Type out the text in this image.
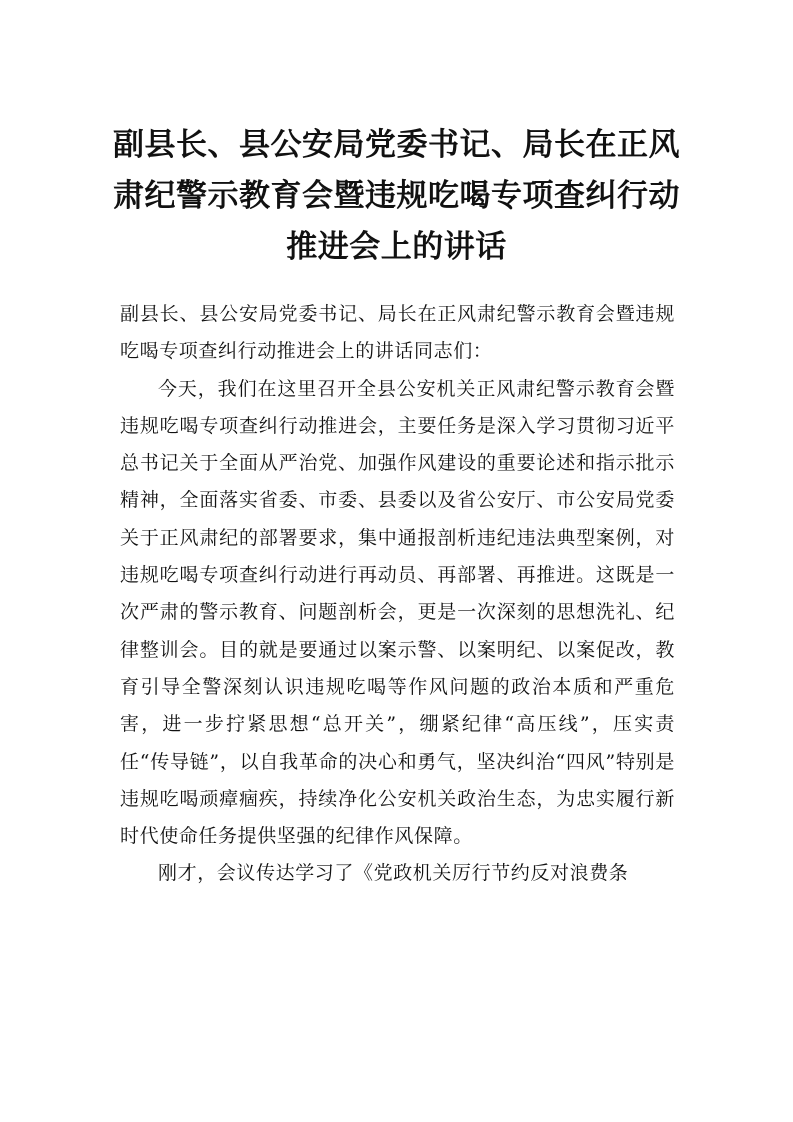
副县长、县公安局党委书记、局长在正风肃纪警示教育会暨违规吃喝专项查纠行动推进会上的讲话

副县长、县公安局党委书记、局长在正风肃纪警示教育会暨违规吃喝专项查纠行动推进会上的讲话同志们：

今天，我们在这里召开全县公安机关正风肃纪警示教育会暨违规吃喝专项查纠行动推进会，主要任务是深入学习贯彻习近平总书记关于全面从严治党、加强作风建设的重要论述和指示批示精神，全面落实省委、市委、县委以及省公安厅、市公安局党委关于正风肃纪的部署要求，集中通报剖析违纪违法典型案例，对违规吃喝专项查纠行动进行再动员、再部署、再推进。这既是一次严肃的警示教育、问题剖析会，更是一次深刻的思想洗礼、纪律整训会。目的就是要通过以案示警、以案明纪、以案促改，教育引导全警深刻认识违规吃喝等作风问题的政治本质和严重危害，进一步拧紧思想“总开关”，绷紧纪律“高压线”，压实责任“传导链”，以自我革命的决心和勇气，坚决纠治“四风”特别是违规吃喝顽瘴痼疾，持续净化公安机关政治生态，为忠实履行新时代使命任务提供坚强的纪律作风保障。

刚才，会议传达学习了《党政机关厉行节约反对浪费条
